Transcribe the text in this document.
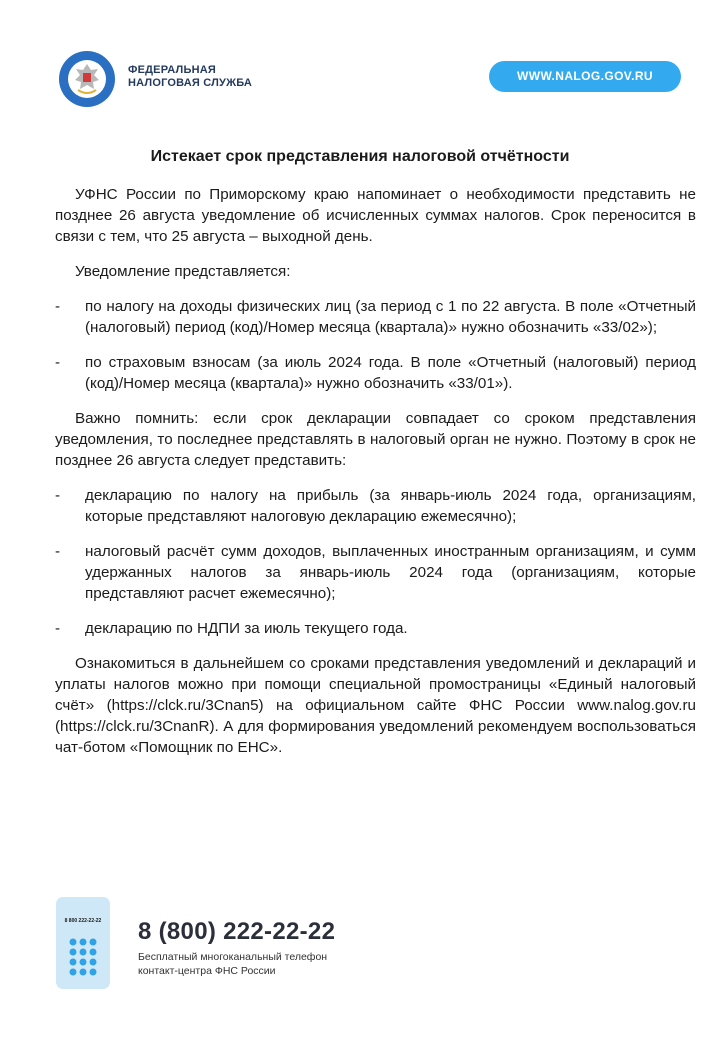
ФЕДЕРАЛЬНАЯ
НАЛОГОВАЯ СЛУЖБА	WWW.NALOG.GOV.RU
Истекает срок представления налоговой отчётности

УФНС России по Приморскому краю напоминает о необходимости представить не позднее 26 августа уведомление об исчисленных суммах налогов. Срок переносится в связи с тем, что 25 августа – выходной день.

Уведомление представляется:

- по налогу на доходы физических лиц (за период с 1 по 22 августа. В поле «Отчетный (налоговый) период (код)/Номер месяца (квартала)» нужно обозначить «33/02»);
- по страховым взносам (за июль 2024 года. В поле «Отчетный (налоговый) период (код)/Номер месяца (квартала)» нужно обозначить «33/01»).

Важно помнить: если срок декларации совпадает со сроком представления уведомления, то последнее представлять в налоговый орган не нужно. Поэтому в срок не позднее 26 августа следует представить:

- декларацию по налогу на прибыль (за январь-июль 2024 года, организациям, которые представляют налоговую декларацию ежемесячно);
- налоговый расчёт сумм доходов, выплаченных иностранным организациям, и сумм удержанных налогов за январь-июль 2024 года (организациям, которые представляют расчет ежемесячно);
- декларацию по НДПИ за июль текущего года.

Ознакомиться в дальнейшем со сроками представления уведомлений и деклараций и уплаты налогов можно при помощи специальной промостраницы «Единый налоговый счёт» (https://clck.ru/3Cnan5) на официальном сайте ФНС России www.nalog.gov.ru (https://clck.ru/3CnanR). А для формирования уведомлений рекомендуем воспользоваться чат-ботом «Помощник по ЕНС».

8 800 222-22-22 8 (800) 222-22-22
Бесплатный многоканальный телефон
контакт-центра ФНС России
